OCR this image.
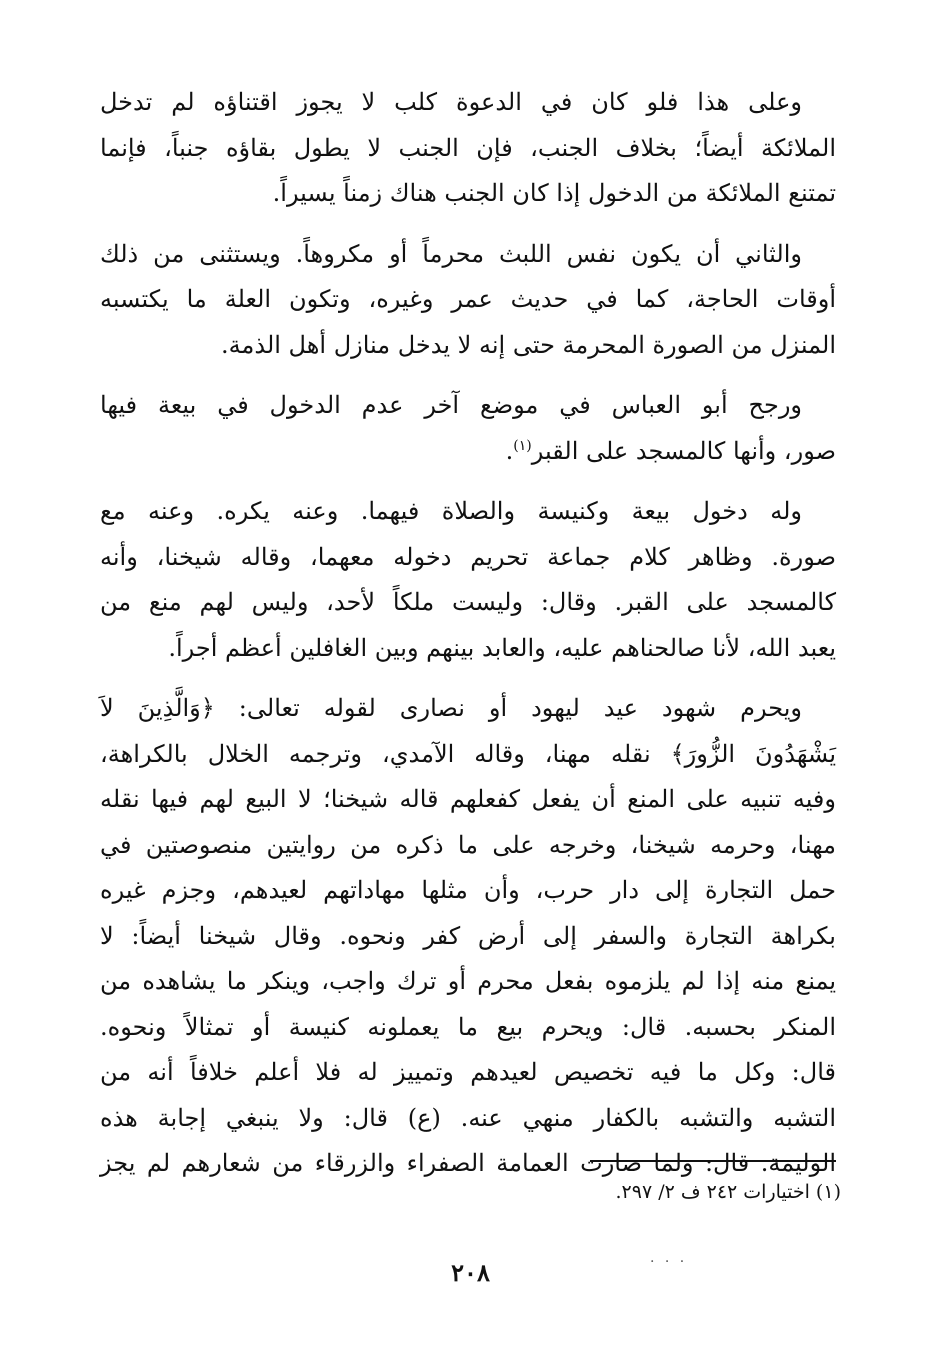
وعلى هذا فلو كان في الدعوة كلب لا يجوز اقتناؤه لم تدخل
الملائكة أيضاً؛ بخلاف الجنب، فإن الجنب لا يطول بقاؤه جنباً، فإنما
تمتنع الملائكة من الدخول إذا كان الجنب هناك زمناً يسيراً.

والثاني أن يكون نفس اللبث محرماً أو مكروهاً. ويستثنى من ذلك
أوقات الحاجة، كما في حديث عمر وغيره، وتكون العلة ما يكتسبه
المنزل من الصورة المحرمة حتى إنه لا يدخل منازل أهل الذمة.

ورجح أبو العباس في موضع آخر عدم الدخول في بيعة فيها
صور، وأنها كالمسجد على القبر$^{(١)}$.

وله دخول بيعة وكنيسة والصلاة فيهما. وعنه يكره. وعنه مع
صورة. وظاهر كلام جماعة تحريم دخوله معهما، وقاله شيخنا، وأنه
كالمسجد على القبر. وقال: وليست ملكاً لأحد، وليس لهم منع من
يعبد الله، لأنا صالحناهم عليه، والعابد بينهم وبين الغافلين أعظم أجراً.

ويحرم شهود عيد ليهود أو نصارى لقوله تعالى: ﴿وَالَّذِينَ لاَ
يَشْهَدُونَ الزُّورَ﴾ نقله مهنا، وقاله الآمدي، وترجمه الخلال بالكراهة،
وفيه تنبيه على المنع أن يفعل كفعلهم قاله شيخنا؛ لا البيع لهم فيها نقله
مهنا، وحرمه شيخنا، وخرجه على ما ذكره من روايتين منصوصتين في
حمل التجارة إلى دار حرب، وأن مثلها مهاداتهم لعيدهم، وجزم غيره
بكراهة التجارة والسفر إلى أرض كفر ونحوه. وقال شيخنا أيضاً: لا
يمنع منه إذا لم يلزموه بفعل محرم أو ترك واجب، وينكر ما يشاهده من
المنكر بحسبه. قال: ويحرم بيع ما يعملونه كنيسة أو تمثالاً ونحوه.
قال: وكل ما فيه تخصيص لعيدهم وتمييز له فلا أعلم خلافاً أنه من
التشبه والتشبه بالكفار منهي عنه. (ع) قال: ولا ينبغي إجابة هذه
الوليمة. قال: ولما صارت العمامة الصفراء والزرقاء من شعارهم لم يجز

(١) اختيارات ٢٤٢ ف ٢/ ٢٩٧.
· · ·
٢٠٨
